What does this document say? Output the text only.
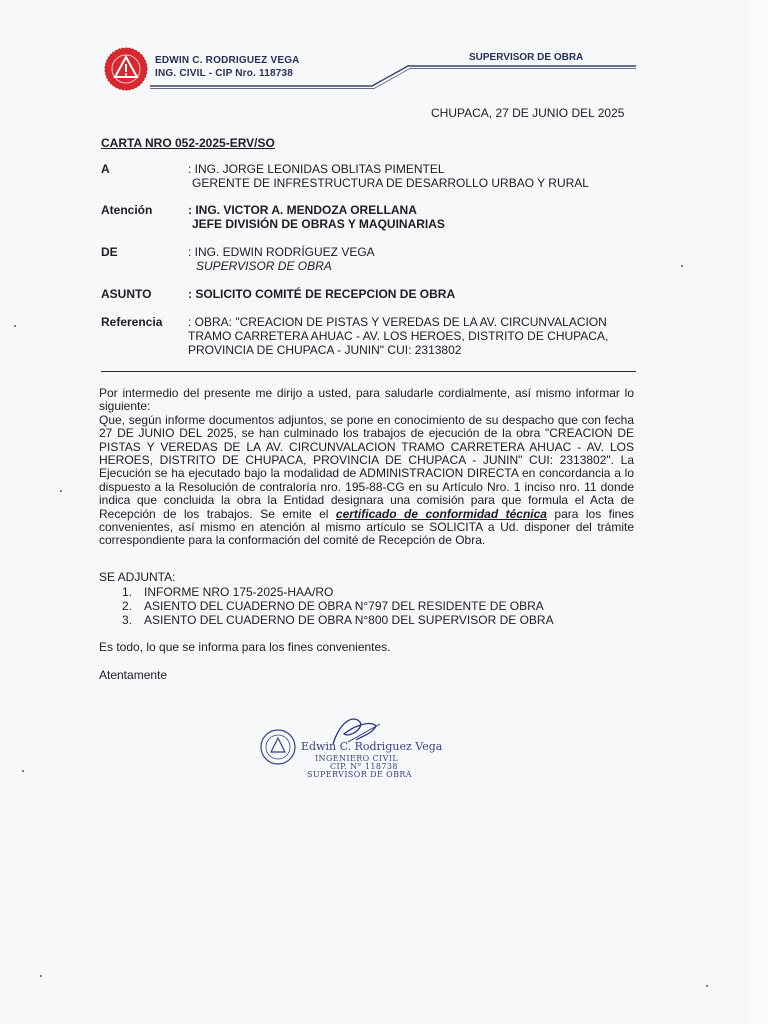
EDWIN C. RODRIGUEZ VEGA
ING. CIVIL - CIP Nro. 118738
SUPERVISOR DE OBRA
CHUPACA, 27 DE JUNIO DEL 2025
CARTA NRO 052-2025-ERV/SO
A	: ING. JORGE LEONIDAS OBLITAS PIMENTEL
GERENTE DE INFRESTRUCTURA DE DESARROLLO URBAO Y RURAL
Atención	: ING. VICTOR A. MENDOZA ORELLANA
JEFE DIVISIÓN DE OBRAS Y MAQUINARIAS
DE	: ING. EDWIN RODRÍGUEZ VEGA
SUPERVISOR DE OBRA
ASUNTO	: SOLICITO COMITÉ DE RECEPCION DE OBRA
Referencia : OBRA: "CREACION DE PISTAS Y VEREDAS DE LA AV. CIRCUNVALACION
TRAMO CARRETERA AHUAC - AV. LOS HEROES, DISTRITO DE CHUPACA,
PROVINCIA DE CHUPACA - JUNIN" CUI: 2313802

Por intermedio del presente me dirijo a usted, para saludarle cordialmente, así mismo informar lo siguiente:

Que, según informe documentos adjuntos, se pone en conocimiento de su despacho que con fecha 27 DE JUNIO DEL 2025, se han culminado los trabajos de ejecución de la obra "CREACION DE PISTAS Y VEREDAS DE LA AV. CIRCUNVALACION TRAMO CARRETERA AHUAC - AV. LOS HEROES, DISTRITO DE CHUPACA, PROVINCIA DE CHUPACA - JUNIN" CUI: 2313802". La Ejecución se ha ejecutado bajo la modalidad de ADMINISTRACION DIRECTA en concordancia a lo dispuesto a la Resolución de contraloría nro. 195-88-CG en su Artículo Nro. 1 inciso nro. 11 donde indica que concluida la obra la Entidad designara una comisión para que formula el Acta de Recepción de los trabajos. Se emite el certificado de conformidad técnica para los fines convenientes, así mismo en atención al mismo artículo se SOLICITA a Ud. disponer del trámite correspondiente para la conformación del comité de Recepción de Obra.

SE ADJUNTA:
1. INFORME NRO 175-2025-HAA/RO
2. ASIENTO DEL CUADERNO DE OBRA N°797 DEL RESIDENTE DE OBRA
3. ASIENTO DEL CUADERNO DE OBRA N°800 DEL SUPERVISOR DE OBRA
Es todo, lo que se informa para los fines convenientes.
Atentamente
Edwin C. Rodriguez Vega
INGENIERO CIVIL
CIP. N° 118738
SUPERVISOR DE OBRA
